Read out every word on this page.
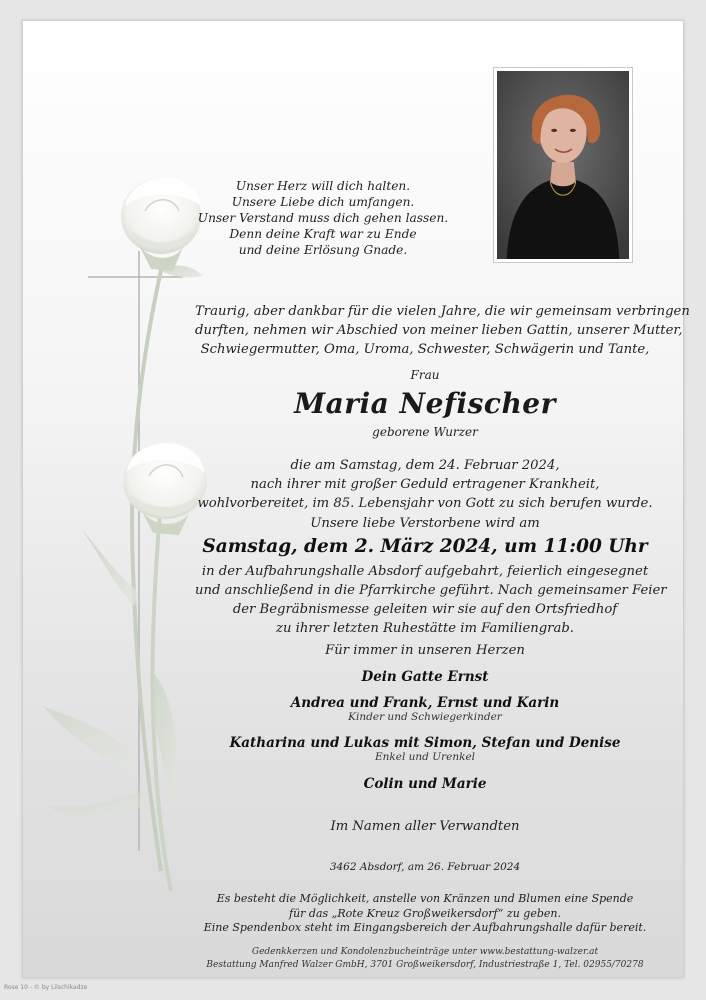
Unser Herz will dich halten.
Unsere Liebe dich umfangen.
Unser Verstand muss dich gehen lassen.
Denn deine Kraft war zu Ende
und deine Erlösung Gnade.
Traurig, aber dankbar für die vielen Jahre, die wir gemeinsam verbringen
durften, nehmen wir Abschied von meiner lieben Gattin, unserer Mutter,
Schwiegermutter, Oma, Uroma, Schwester, Schwägerin und Tante,
Frau
Maria Nefischer
geborene Wurzer
die am Samstag, dem 24. Februar 2024,
nach ihrer mit großer Geduld ertragener Krankheit,
wohlvorbereitet, im 85. Lebensjahr von Gott zu sich berufen wurde.
Unsere liebe Verstorbene wird am
Samstag, dem 2. März 2024, um 11:00 Uhr
in der Aufbahrungshalle Absdorf aufgebahrt, feierlich eingesegnet
und anschließend in die Pfarrkirche geführt. Nach gemeinsamer Feier
der Begräbnismesse geleiten wir sie auf den Ortsfriedhof
zu ihrer letzten Ruhestätte im Familiengrab.
Für immer in unseren Herzen
Dein Gatte Ernst
Andrea und Frank, Ernst und Karin
Kinder und Schwiegerkinder
Katharina und Lukas mit Simon, Stefan und Denise
Enkel und Urenkel
Colin und Marie
Im Namen aller Verwandten
3462 Absdorf, am 26. Februar 2024
Es besteht die Möglichkeit, anstelle von Kränzen und Blumen eine Spende
für das „Rote Kreuz Großweikersdorf“ zu geben.
Eine Spendenbox steht im Eingangsbereich der Aufbahrungshalle dafür bereit.
Gedenkkerzen und Kondolenzbucheinträge unter www.bestattung-walzer.at
Bestattung Manfred Walzer GmbH, 3701 Großweikersdorf, Industriestraße 1, Tel. 02955/70278
Rose 10 - © by Lilschikadze
